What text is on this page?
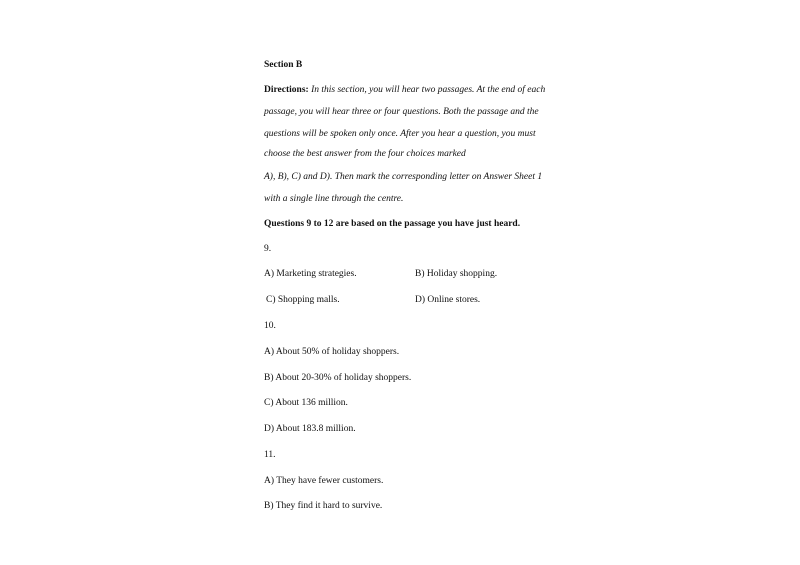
Section B
Directions: In this section, you will hear two passages. At the end of each
passage, you will hear three or four questions. Both the passage and the
questions will be spoken only once. After you hear a question, you must
choose the best answer from the four choices marked
A), B), C) and D). Then mark the corresponding letter on Answer Sheet 1
with a single line through the centre.
Questions 9 to 12 are based on the passage you have just heard.
9.
A) Marketing strategies.	B) Holiday shopping.
C) Shopping malls.	D) Online stores.
10.
A) About 50% of holiday shoppers.
B) About 20-30% of holiday shoppers.
C) About 136 million.
D) About 183.8 million.
11.
A) They have fewer customers.
B) They find it hard to survive.
